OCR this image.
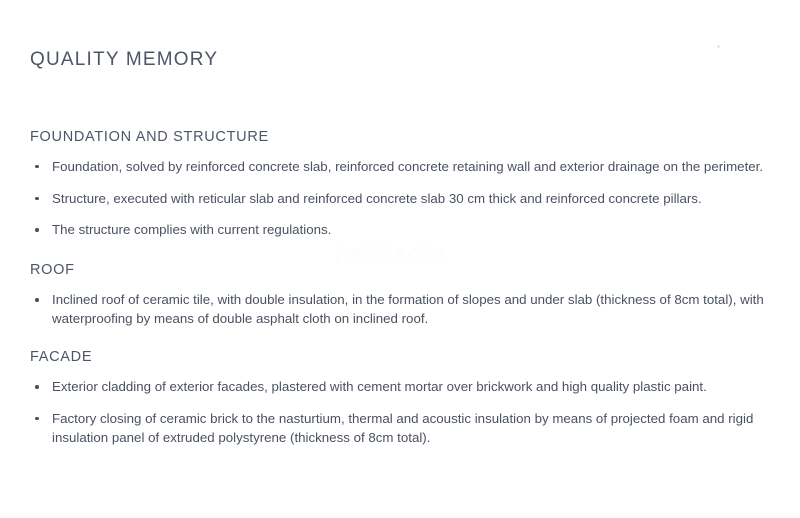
QUALITY MEMORY
FOUNDATION AND STRUCTURE
Foundation, solved by reinforced concrete slab, reinforced concrete retaining wall and exterior drainage on the perimeter.
Structure, executed with reticular slab and reinforced concrete slab 30 cm thick and reinforced concrete pillars.
The structure complies with current regulations.
ROOF
Inclined roof of ceramic tile, with double insulation, in the formation of slopes and under slab (thickness of 8cm total), with waterproofing by means of double asphalt cloth on inclined roof.
FACADE
Exterior cladding of exterior facades, plastered with cement mortar over brickwork and high quality plastic paint.
Factory closing of ceramic brick to the nasturtium, thermal and acoustic insulation by means of projected foam and rigid insulation panel of extruded polystyrene (thickness of 8cm total).
habitaclia
